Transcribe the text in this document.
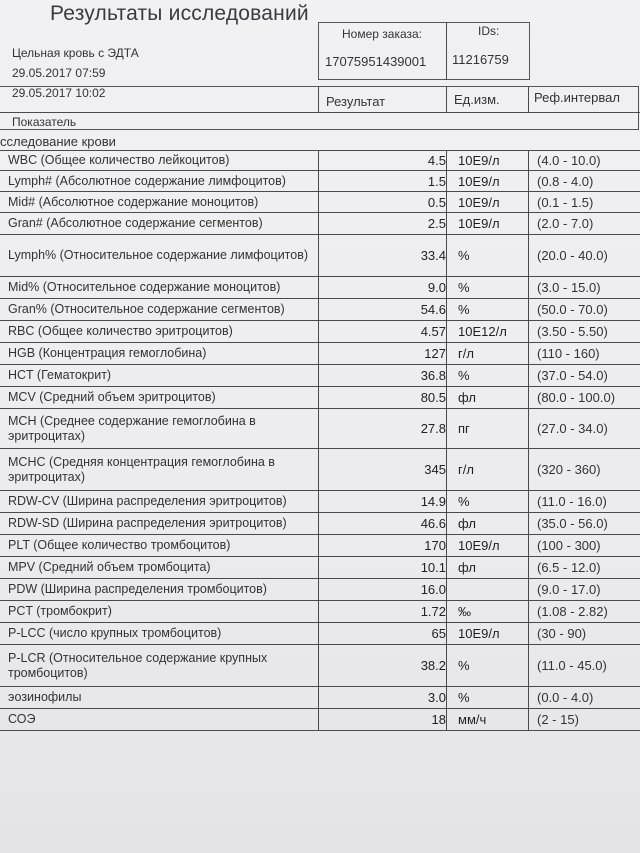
Результаты исследований
Номер заказа:	IDs:
17075951439001 11216759
Цельная кровь с ЭДТА
29.05.2017 07:59
29.05.2017 10:02
Результат	Ед.изм.	Реф.интервал
Показатель
сследование крови
WBC (Общее количество лейкоцитов)	4.5 10E9/л	(4.0 - 10.0)
Lymph# (Абсолютное содержание лимфоцитов)	1.5 10E9/л	(0.8 - 4.0)
Mid# (Абсолютное содержание моноцитов)	0.5 10E9/л	(0.1 - 1.5)
Gran# (Абсолютное содержание сегментов)	2.5 10E9/л	(2.0 - 7.0)
Lymph% (Относительное содержание лимфоцитов)	33.4 %	(20.0 - 40.0)
Mid% (Относительное содержание моноцитов)	9.0 %	(3.0 - 15.0)
Gran% (Относительное содержание сегментов)	54.6 %	(50.0 - 70.0)
RBC (Общее количество эритроцитов)	4.57 10E12/л	(3.50 - 5.50)
HGB (Концентрация гемоглобина)	127 г/л	(110 - 160)
HCT (Гематокрит)	36.8 %	(37.0 - 54.0)
MCV (Средний объем эритроцитов)	80.5 фл	(80.0 - 100.0)
MCH (Среднее содержание гемоглобина в эритроцитах)	27.8 пг	(27.0 - 34.0)
MCHC (Средняя концентрация гемоглобина в эритроцитах)	345 г/л	(320 - 360)
RDW-CV (Ширина распределения эритроцитов)	14.9 %	(11.0 - 16.0)
RDW-SD (Ширина распределения эритроцитов)	46.6 фл	(35.0 - 56.0)
PLT (Общее количество тромбоцитов)	170 10E9/л	(100 - 300)
MPV (Средний объем тромбоцита)	10.1 фл	(6.5 - 12.0)
PDW (Ширина распределения тромбоцитов)	16.0	(9.0 - 17.0)
PCT (тромбокрит)	1.72 ‰	(1.08 - 2.82)
P-LCC (число крупных тромбоцитов)	65 10E9/л	(30 - 90)
P-LCR (Относительное содержание крупных тромбоцитов)	38.2 %	(11.0 - 45.0)
эозинофилы	3.0 %	(0.0 - 4.0)
СОЭ	18 мм/ч	(2 - 15)
